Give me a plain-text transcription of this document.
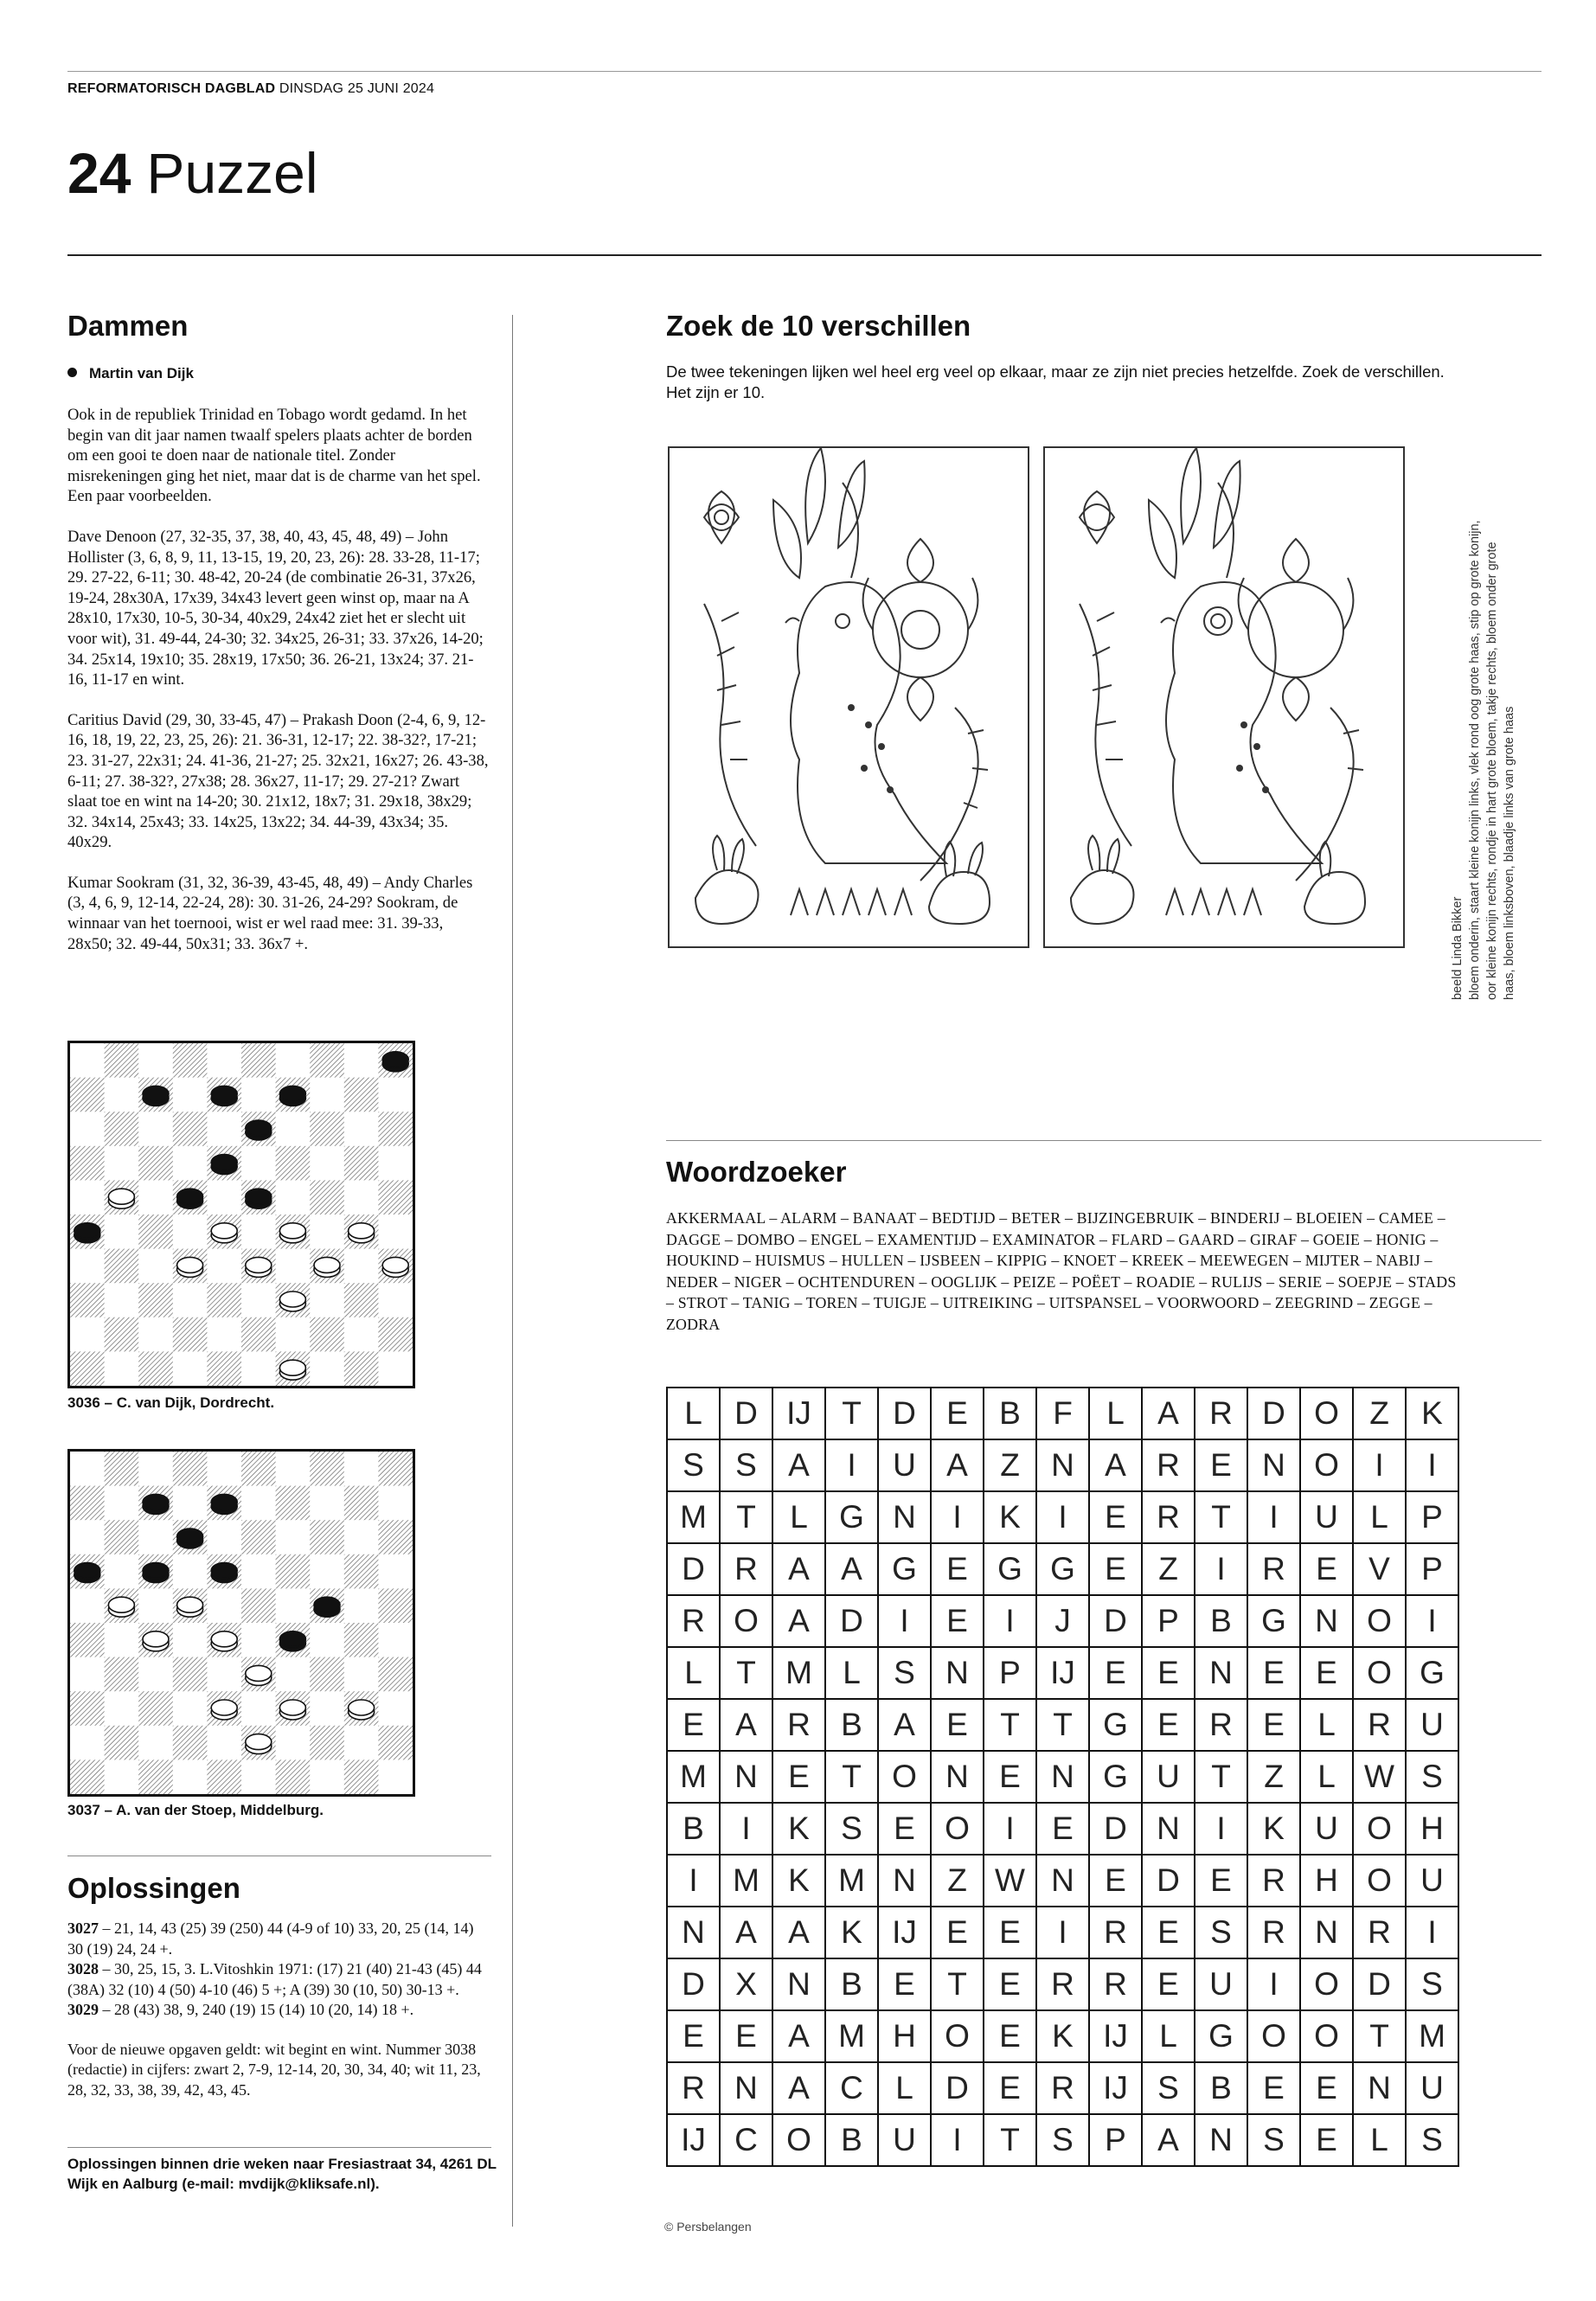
REFORMATORISCH DAGBLAD DINSDAG 25 JUNI 2024
24 Puzzel
Dammen
Martin van Dijk

Ook in de republiek Trinidad en Tobago wordt gedamd. In het begin van dit jaar namen twaalf spelers plaats achter de borden om een gooi te doen naar de nationale titel. Zonder misrekeningen ging het niet, maar dat is de charme van het spel. Een paar voorbeelden.

Dave Denoon (27, 32-35, 37, 38, 40, 43, 45, 48, 49) – John Hollister (3, 6, 8, 9, 11, 13-15, 19, 20, 23, 26): 28. 33-28, 11-17; 29. 27-22, 6-11; 30. 48-42, 20-24 (de combinatie 26-31, 37x26, 19-24, 28x30A, 17x39, 34x43 levert geen winst op, maar na A 28x10, 17x30, 10-5, 30-34, 40x29, 24x42 ziet het er slecht uit voor wit), 31. 49-44, 24-30; 32. 34x25, 26-31; 33. 37x26, 14-20; 34. 25x14, 19x10; 35. 28x19, 17x50; 36. 26-21, 13x24; 37. 21-16, 11-17 en wint.

Caritius David (29, 30, 33-45, 47) – Prakash Doon (2-4, 6, 9, 12-16, 18, 19, 22, 23, 25, 26): 21. 36-31, 12-17; 22. 38-32?, 17-21; 23. 31-27, 22x31; 24. 41-36, 21-27; 25. 32x21, 16x27; 26. 43-38, 6-11; 27. 38-32?, 27x38; 28. 36x27, 11-17; 29. 27-21? Zwart slaat toe en wint na 14-20; 30. 21x12, 18x7; 31. 29x18, 38x29; 32. 34x14, 25x43; 33. 14x25, 13x22; 34. 44-39, 43x34; 35. 40x29.

Kumar Sookram (31, 32, 36-39, 43-45, 48, 49) – Andy Charles (3, 4, 6, 9, 12-14, 22-24, 28): 30. 31-26, 24-29? Sookram, de winnaar van het toernooi, wist er wel raad mee: 31. 39-33, 28x50; 32. 49-44, 50x31; 33. 36x7 +.

3036 – C. van Dijk, Dordrecht.
3037 – A. van der Stoep, Middelburg.
Oplossingen

3027 – 21, 14, 43 (25) 39 (250) 44 (4-9 of 10) 33, 20, 25 (14, 14) 30 (19) 24, 24 +.

3028 – 30, 25, 15, 3. L.Vitoshkin 1971: (17) 21 (40) 21-43 (45) 44 (38A) 32 (10) 4 (50) 4-10 (46) 5 +; A (39) 30 (10, 50) 30-13 +.

3029 – 28 (43) 38, 9, 240 (19) 15 (14) 10 (20, 14) 18 +.

Voor de nieuwe opgaven geldt: wit begint en wint. Nummer 3038 (redactie) in cijfers: zwart 2, 7-9, 12-14, 20, 30, 34, 40; wit 11, 23, 28, 32, 33, 38, 39, 42, 43, 45.

Oplossingen binnen drie weken naar Fresiastraat 34, 4261 DL Wijk en Aalburg (e-mail: mvdijk@kliksafe.nl).
Zoek de 10 verschillen
De twee tekeningen lijken wel heel erg veel op elkaar, maar ze zijn niet precies hetzelfde. Zoek de verschillen. Het zijn er 10.
beeld Linda Bikker bloem onderin, staart kleine konijn links, vlek rond oog grote haas, stip op grote konijn, oor kleine konijn rechts, rondje in hart grote bloem, takje rechts, bloem onder grote haas, bloem linksboven, blaadje links van grote haas
Woordzoeker
AKKERMAAL – ALARM – BANAAT – BEDTIJD – BETER – BIJZINGEBRUIK – BINDERIJ – BLOEIEN – CAMEE – DAGGE – DOMBO – ENGEL – EXAMENTIJD – EXAMINATOR – FLARD – GAARD – GIRAF – GOEIE – HONIG – HOUKIND – HUISMUS – HULLEN – IJSBEEN – KIPPIG – KNOET – KREEK – MEEWEGEN – MIJTER – NABIJ – NEDER – NIGER – OCHTENDUREN – OOGLIJK – PEIZE – POËET – ROADIE – RULIJS – SERIE – SOEPJE – STADS – STROT – TANIG – TOREN – TUIGJE – UITREIKING – UITSPANSEL – VOORWOORD – ZEEGRIND – ZEGGE – ZODRA
L	D IJ T D E B	F	L	A R D O Z	K
S S A	I	U A	Z N A R E N O	I	I
M T	L G N	I	K	I	E R T	I	U	L	P
D R A A G E G G E	Z	I	R E V P
R O A D	I	E	I	J	D P B G N O	I
L	T M L	S N P IJ E E N E E O G
E A R B A E	T	T G E R E	L	R U
M N E	T O N E N G U T	Z	L W S
B	I	K S E O	I	E D N	I	K U O H
I	M K M N Z W N E D E R H O U
N A A K IJ E E	I	R E S R N R	I
D X N B E	T	E R R E U	I	O D S
E E A M H O E K IJ L G O O T M
R N A C	L	D E R IJ S B E E N U
IJ C O B U	I	T	S P A N S E	L	S
© Persbelangen
